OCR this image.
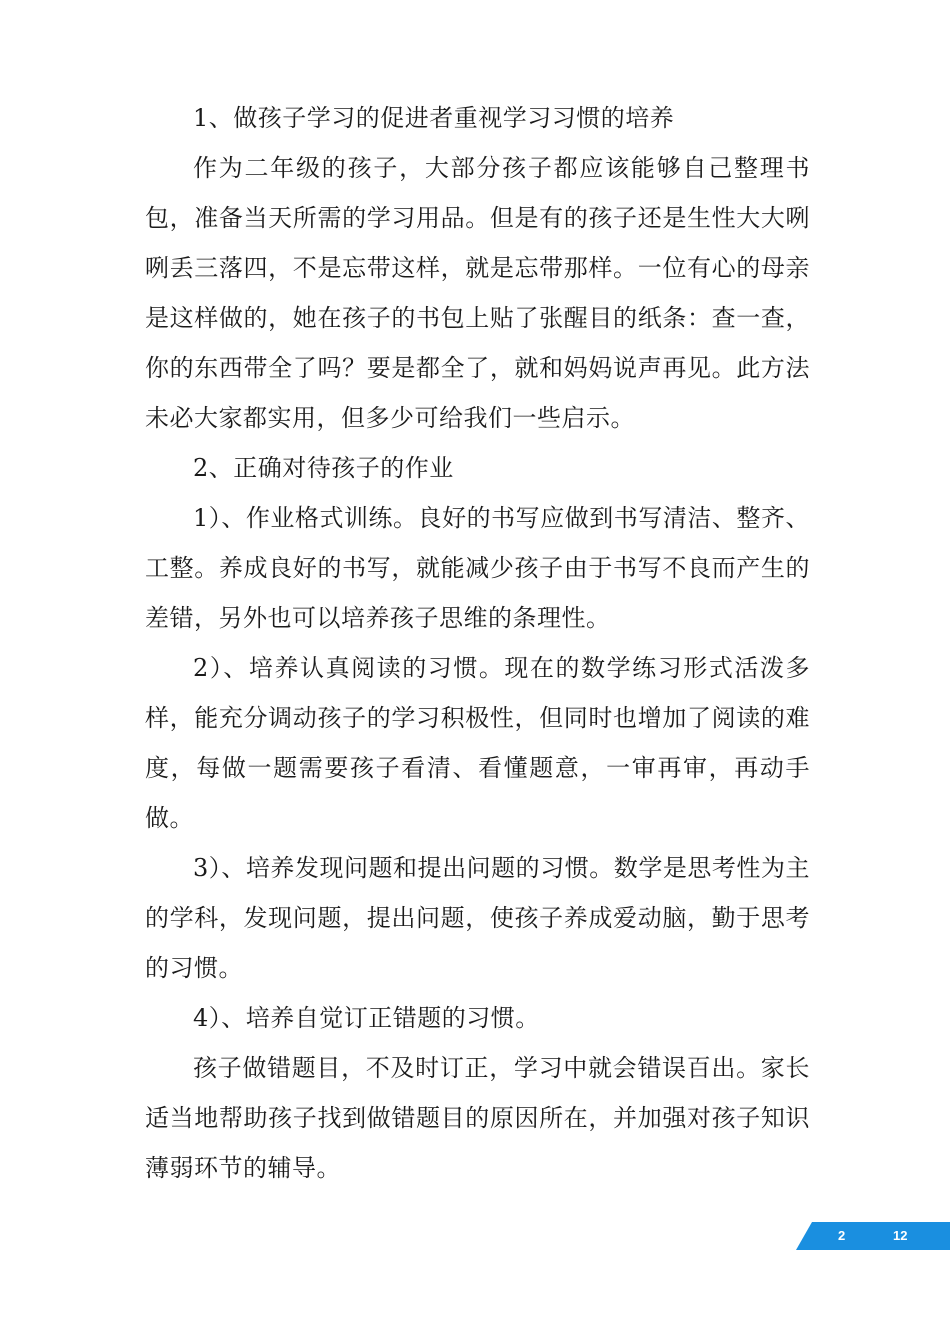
1、做孩子学习的促进者重视学习习惯的培养

作为二年级的孩子，大部分孩子都应该能够自己整理书包，准备当天所需的学习用品。但是有的孩子还是生性大大咧咧丢三落四，不是忘带这样，就是忘带那样。一位有心的母亲是这样做的，她在孩子的书包上贴了张醒目的纸条：查一查，你的东西带全了吗？要是都全了，就和妈妈说声再见。此方法未必大家都实用，但多少可给我们一些启示。

2、正确对待孩子的作业

1）、作业格式训练。良好的书写应做到书写清洁、整齐、工整。养成良好的书写，就能减少孩子由于书写不良而产生的差错，另外也可以培养孩子思维的条理性。

2）、培养认真阅读的习惯。现在的数学练习形式活泼多样，能充分调动孩子的学习积极性，但同时也增加了阅读的难度，每做一题需要孩子看清、看懂题意，一审再审，再动手做。

3）、培养发现问题和提出问题的习惯。数学是思考性为主的学科，发现问题，提出问题，使孩子养成爱动脑，勤于思考的习惯。

4）、培养自觉订正错题的习惯。

孩子做错题目，不及时订正，学习中就会错误百出。家长适当地帮助孩子找到做错题目的原因所在，并加强对孩子知识薄弱环节的辅导。

2	12
